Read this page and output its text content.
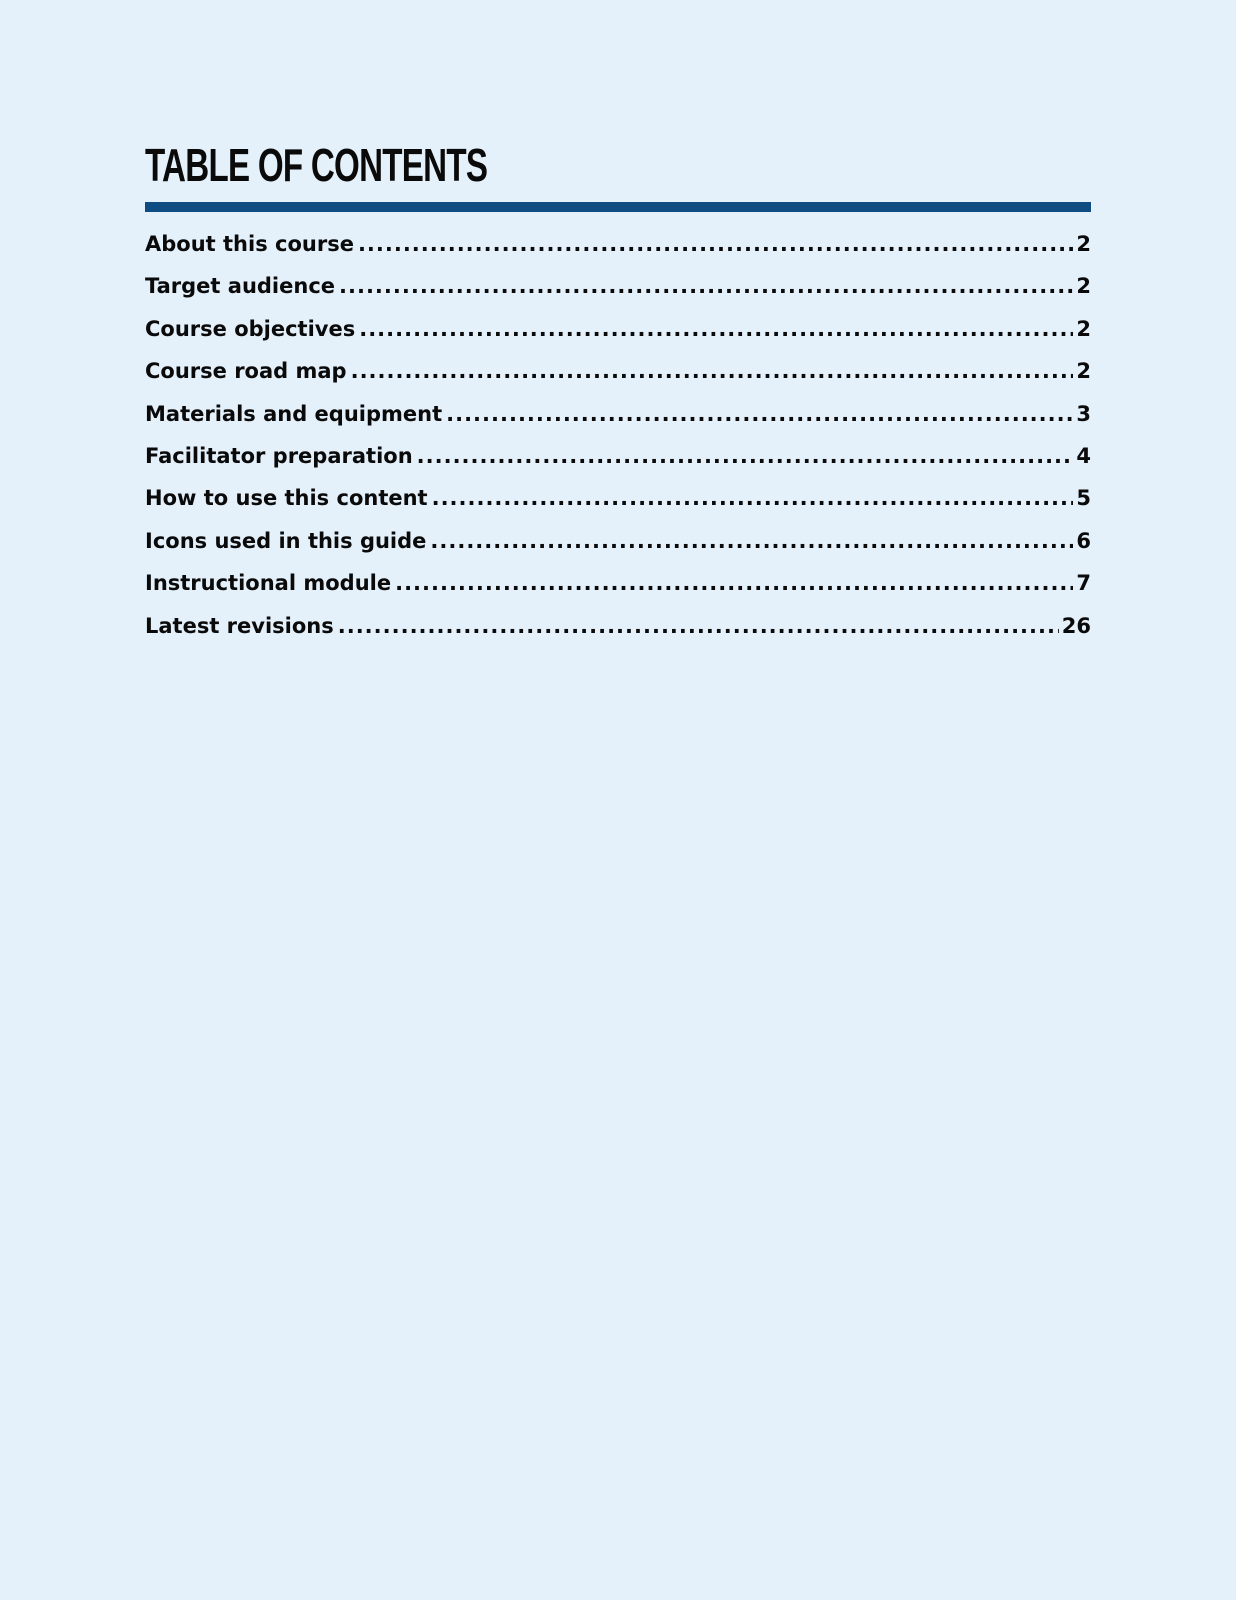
TABLE OF CONTENTS
About this course .....	2
Target audience .....	2
Course objectives .....	2
Course road map .....	2
Materials and equipment .....	3
Facilitator preparation .....	4
How to use this content .....	5
Icons used in this guide .....	6
Instructional module .....	7
Latest revisions .....	26
